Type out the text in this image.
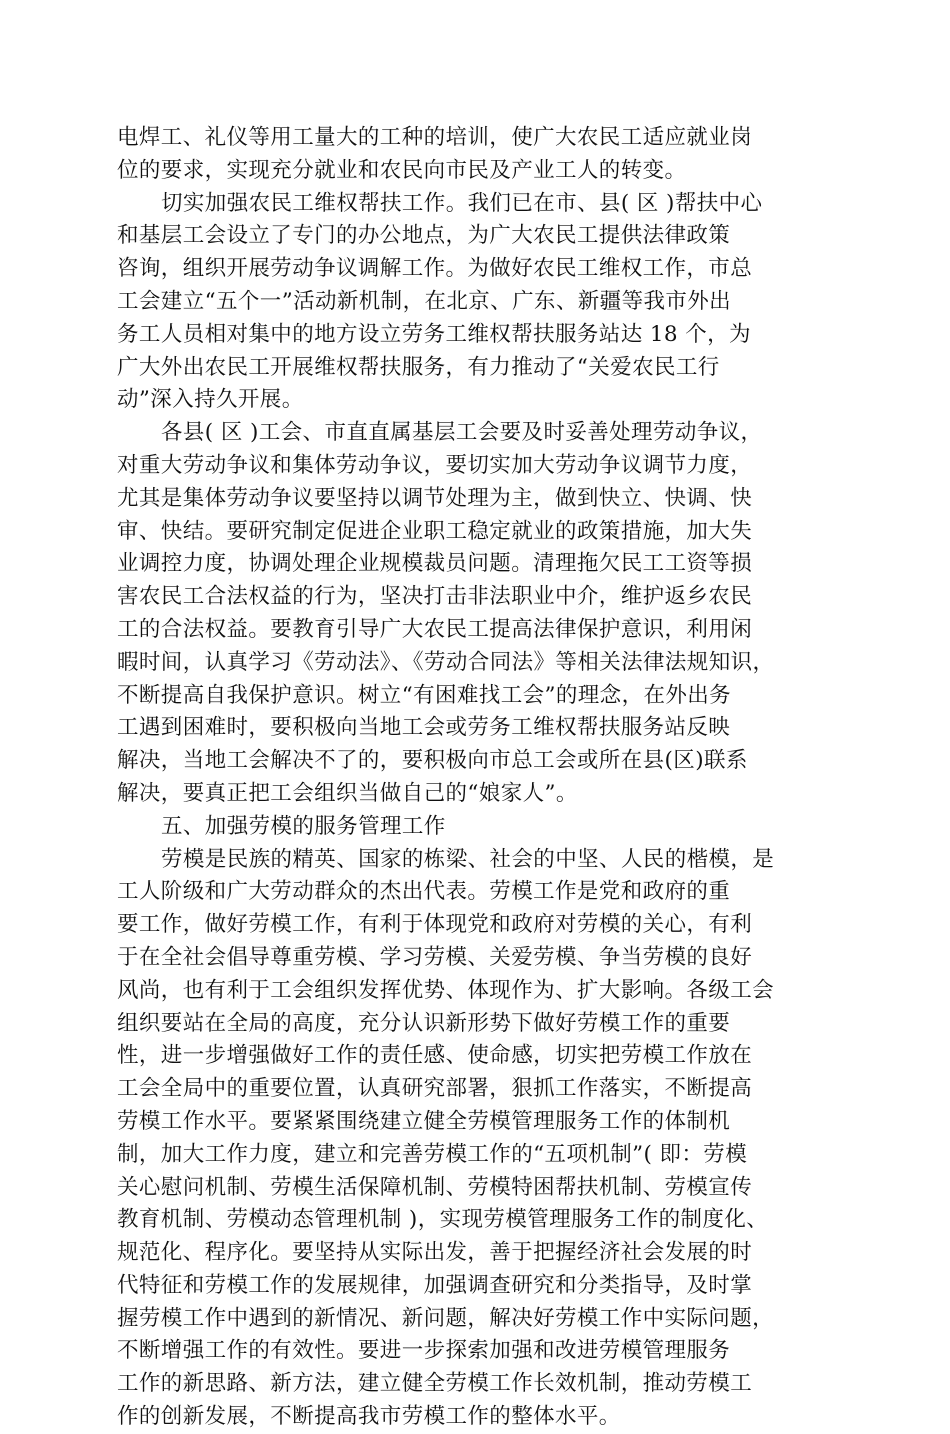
电焊工、礼仪等用工量大的工种的培训，使广大农民工适应就业岗
位的要求，实现充分就业和农民向市民及产业工人的转变。
切实加强农民工维权帮扶工作。我们已在市、县( 区 )帮扶中心
和基层工会设立了专门的办公地点，为广大农民工提供法律政策
咨询，组织开展劳动争议调解工作。为做好农民工维权工作，市总
工会建立“五个一”活动新机制，在北京、广东、新疆等我市外出
务工人员相对集中的地方设立劳务工维权帮扶服务站达 18 个，为
广大外出农民工开展维权帮扶服务，有力推动了“关爱农民工行
动”深入持久开展。
各县( 区 )工会、市直直属基层工会要及时妥善处理劳动争议，
对重大劳动争议和集体劳动争议，要切实加大劳动争议调节力度，
尤其是集体劳动争议要坚持以调节处理为主，做到快立、快调、快
审、快结。要研究制定促进企业职工稳定就业的政策措施，加大失
业调控力度，协调处理企业规模裁员问题。清理拖欠民工工资等损
害农民工合法权益的行为，坚决打击非法职业中介，维护返乡农民
工的合法权益。要教育引导广大农民工提高法律保护意识，利用闲
暇时间，认真学习《劳动法》、《劳动合同法》等相关法律法规知识，
不断提高自我保护意识。树立“有困难找工会”的理念，在外出务
工遇到困难时，要积极向当地工会或劳务工维权帮扶服务站反映
解决，当地工会解决不了的，要积极向市总工会或所在县(区)联系
解决，要真正把工会组织当做自己的“娘家人”。
五、加强劳模的服务管理工作
劳模是民族的精英、国家的栋梁、社会的中坚、人民的楷模，是
工人阶级和广大劳动群众的杰出代表。劳模工作是党和政府的重
要工作，做好劳模工作，有利于体现党和政府对劳模的关心，有利
于在全社会倡导尊重劳模、学习劳模、关爱劳模、争当劳模的良好
风尚，也有利于工会组织发挥优势、体现作为、扩大影响。各级工会
组织要站在全局的高度，充分认识新形势下做好劳模工作的重要
性，进一步增强做好工作的责任感、使命感，切实把劳模工作放在
工会全局中的重要位置，认真研究部署，狠抓工作落实，不断提高
劳模工作水平。要紧紧围绕建立健全劳模管理服务工作的体制机
制，加大工作力度，建立和完善劳模工作的“五项机制”( 即：劳模
关心慰问机制、劳模生活保障机制、劳模特困帮扶机制、劳模宣传
教育机制、劳模动态管理机制 )，实现劳模管理服务工作的制度化、
规范化、程序化。要坚持从实际出发，善于把握经济社会发展的时
代特征和劳模工作的发展规律，加强调查研究和分类指导，及时掌
握劳模工作中遇到的新情况、新问题，解决好劳模工作中实际问题，
不断增强工作的有效性。要进一步探索加强和改进劳模管理服务
工作的新思路、新方法，建立健全劳模工作长效机制，推动劳模工
作的创新发展，不断提高我市劳模工作的整体水平。
